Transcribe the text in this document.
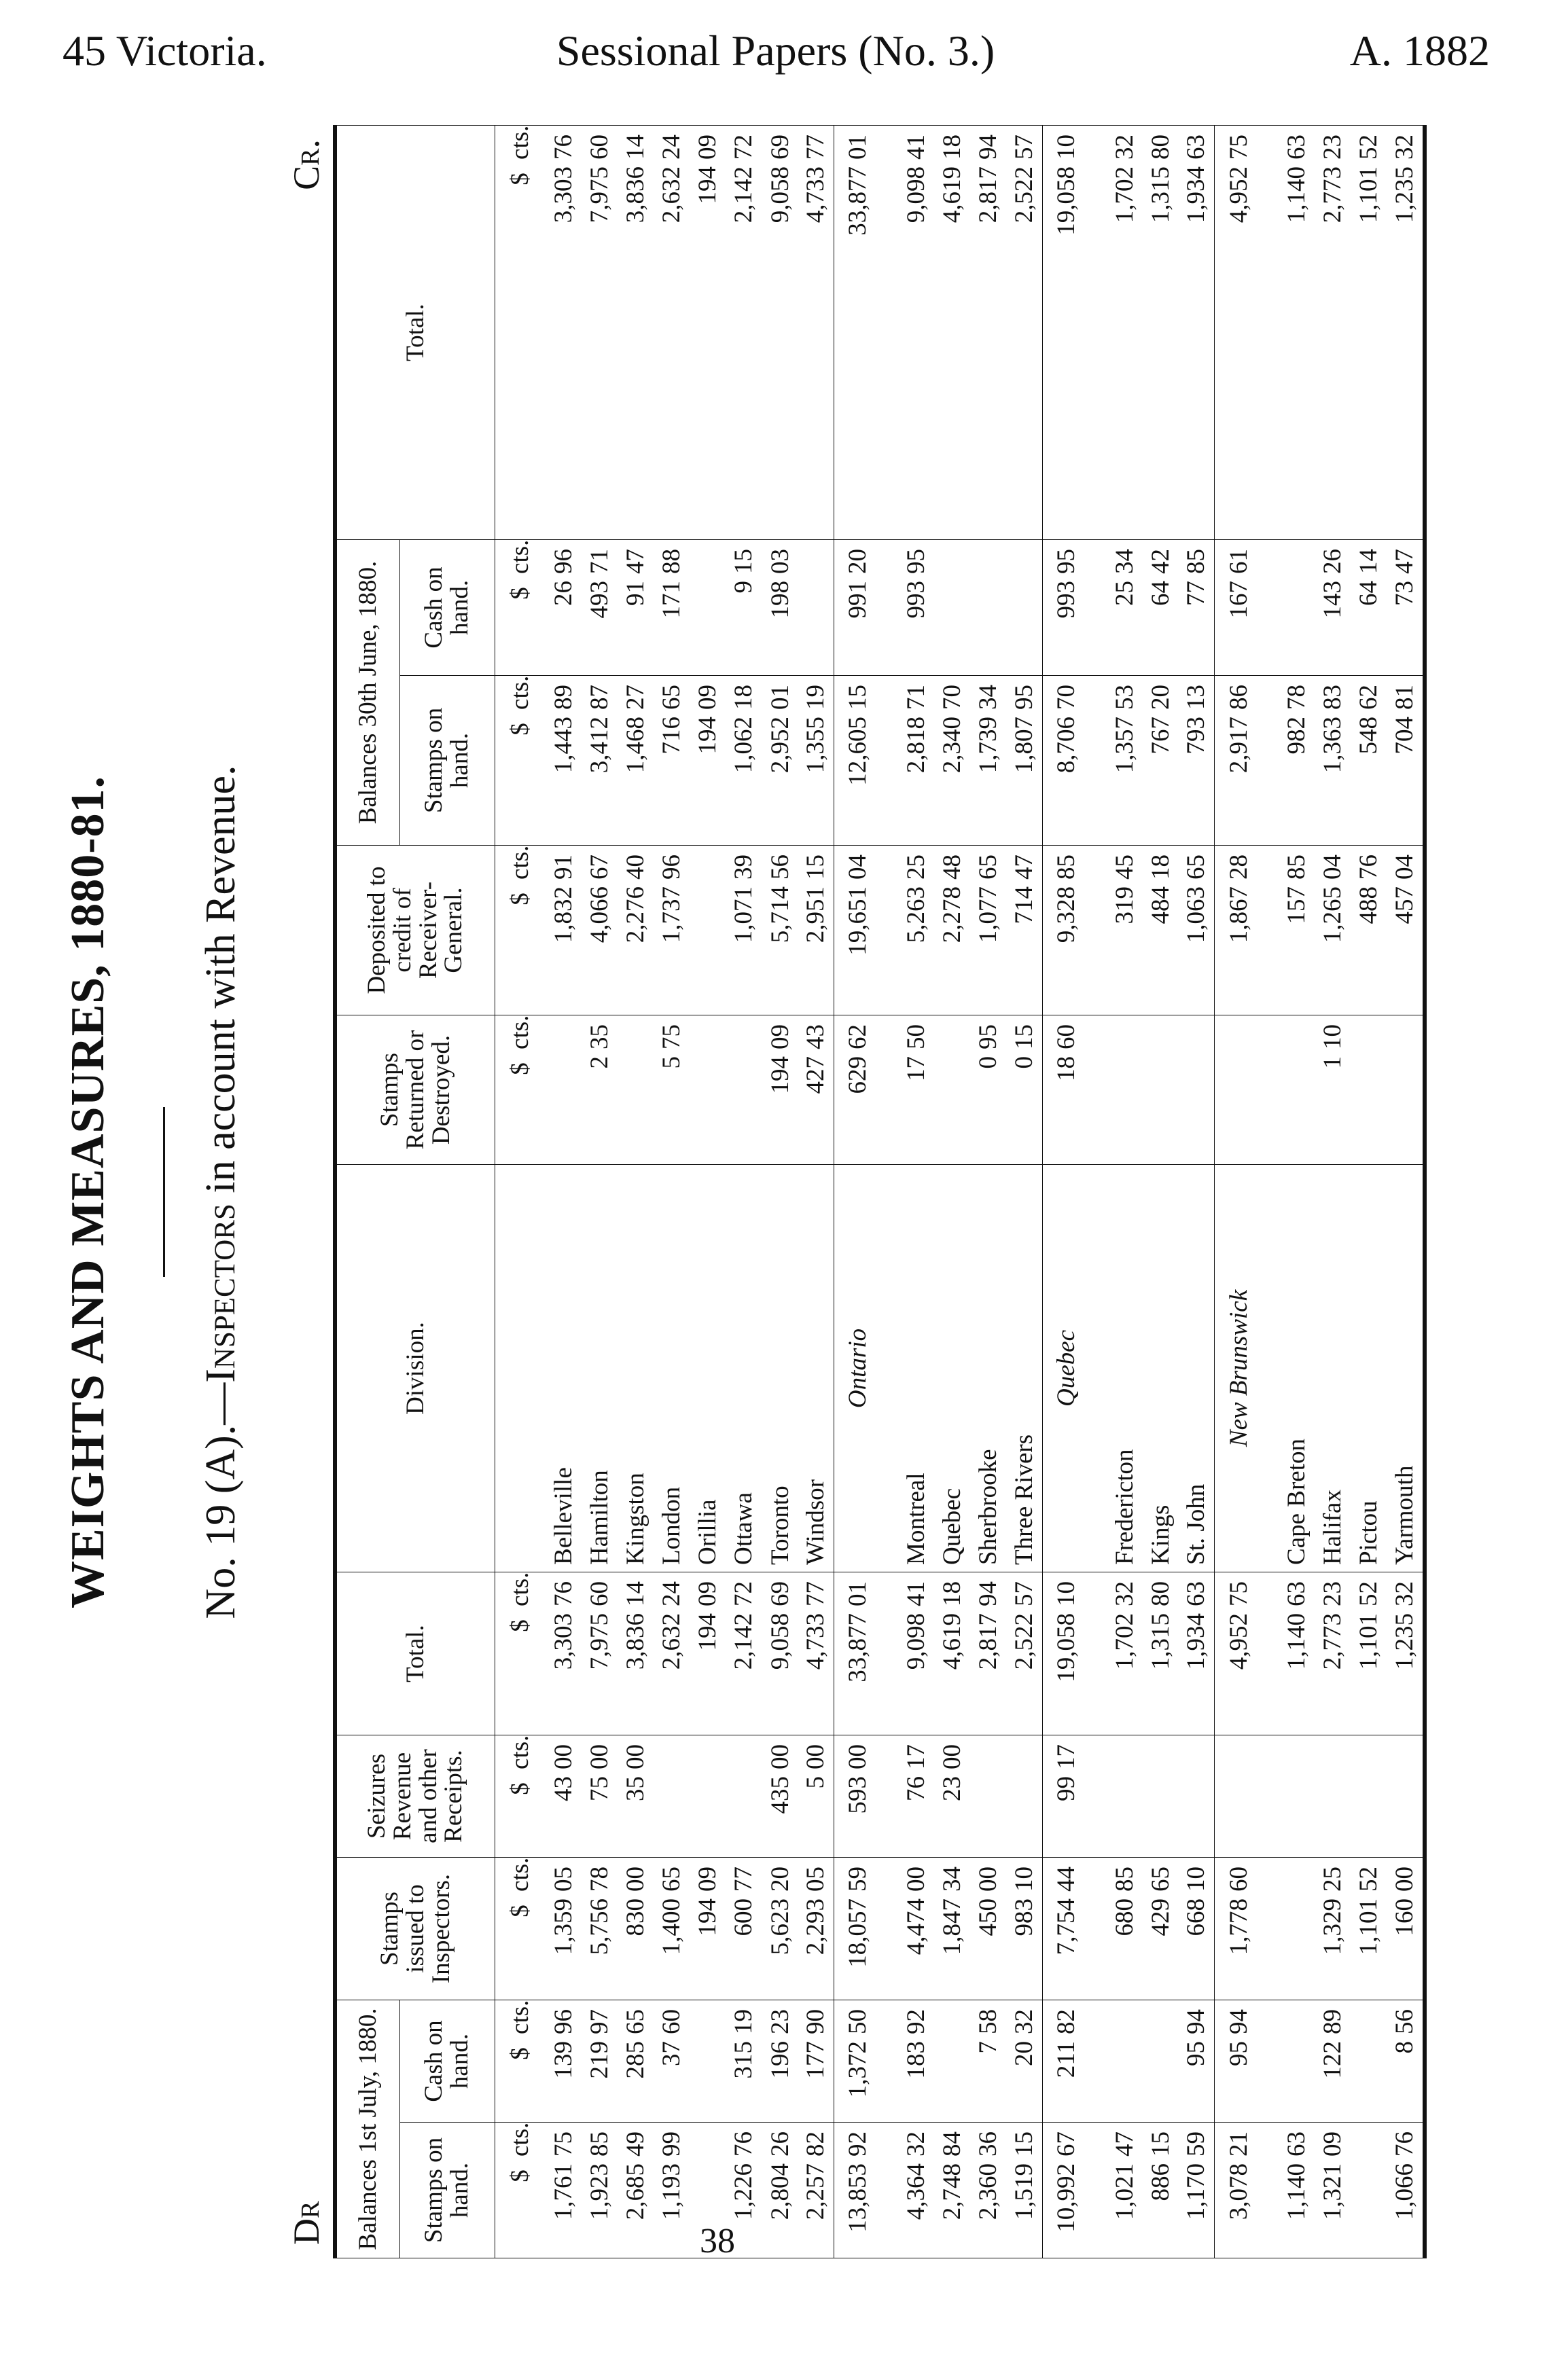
45 Victoria.	Sessional Papers (No. 3.)	A. 1882
WEIGHTS AND MEASURES, 1880-81. No. 19 (A).—Inspectors in account with Revenue.
Dr
Cr.
Balances 1st July, 1880.		Stamps issued to Inspectors.	Seizures Revenue and other Receipts.	Total.	Division.	Stamps Returned or Destroyed.	Deposited to credit of Receiver-General.	Balances 30th June, 1880.		Total.
Stamps on hand.	Cash on hand.							Stamps on hand.	Cash on hand.	
$ cts.	$ cts.	$ cts.	$ cts.	$ cts.		$ cts.	$ cts.	$ cts.	$ cts.	$ cts.
1,76175	13996	1,35905	4300	3,30376	Belleville		1,83291	1,44389	2696	3,30376
1,92385	21997	5,75678	7500	7,97560	Hamilton	235	4,06667	3,41287	49371	7,97560
2,68549	28565	83000	3500	3,83614	Kingston		2,27640	1,46827	9147	3,83614
1,19399	3760	1,40065		2,63224	London	575	1,73796	71665	17188	2,63224
		19409		19409	Orillia			19409		19409
1,22676	31519	60077		2,14272	Ottawa		1,07139	1,06218	915	2,14272
2,80426	19623	5,62320	43500	9,05869	Toronto	19409	5,71456	2,95201	19803	9,05869
2,25782	17790	2,29305	500	4,73377	Windsor	42743	2,95115	1,35519		4,73377
13,85392	1,37250	18,05759	59300	33,87701	Ontario	62962	19,65104	12,60515	99120	33,87701

4,36432	18392	4,47400	7617	9,09841	Montreal	1750	5,26325	2,81871	99395	9,09841
2,74884		1,84734	2300	4,61918	Quebec		2,27848	2,34070		4,61918
2,36036	758	45000		2,81794	Sherbrooke	095	1,07765	1,73934		2,81794
1,51915	2032	98310		2,52257	Three Rivers	015	71447	1,80795		2,52257
10,99267	21182	7,75444	9917	19,05810	Quebec	1860	9,32885	8,70670	99395	19,05810

1,02147		68085		1,70232	Fredericton		31945	1,35753	2534	1,70232
88615		42965		1,31580	Kings		48418	76720	6442	1,31580
1,17059	9594	66810		1,93463	St. John		1,06365	79313	7785	1,93463
3,07821	9594	1,77860		4,95275	New Brunswick		1,86728	2,91786	16761	4,95275

1,14063				1,14063	Cape Breton		15785	98278		1,14063
1,32109	12289	1,32925		2,77323	Halifax	110	1,26504	1,36383	14326	2,77323
		1,10152		1,10152	Pictou		48876	54862	6414	1,10152
1,06676	856	16000		1,23532	Yarmouth		45704	70481	7347	1,23532
38
